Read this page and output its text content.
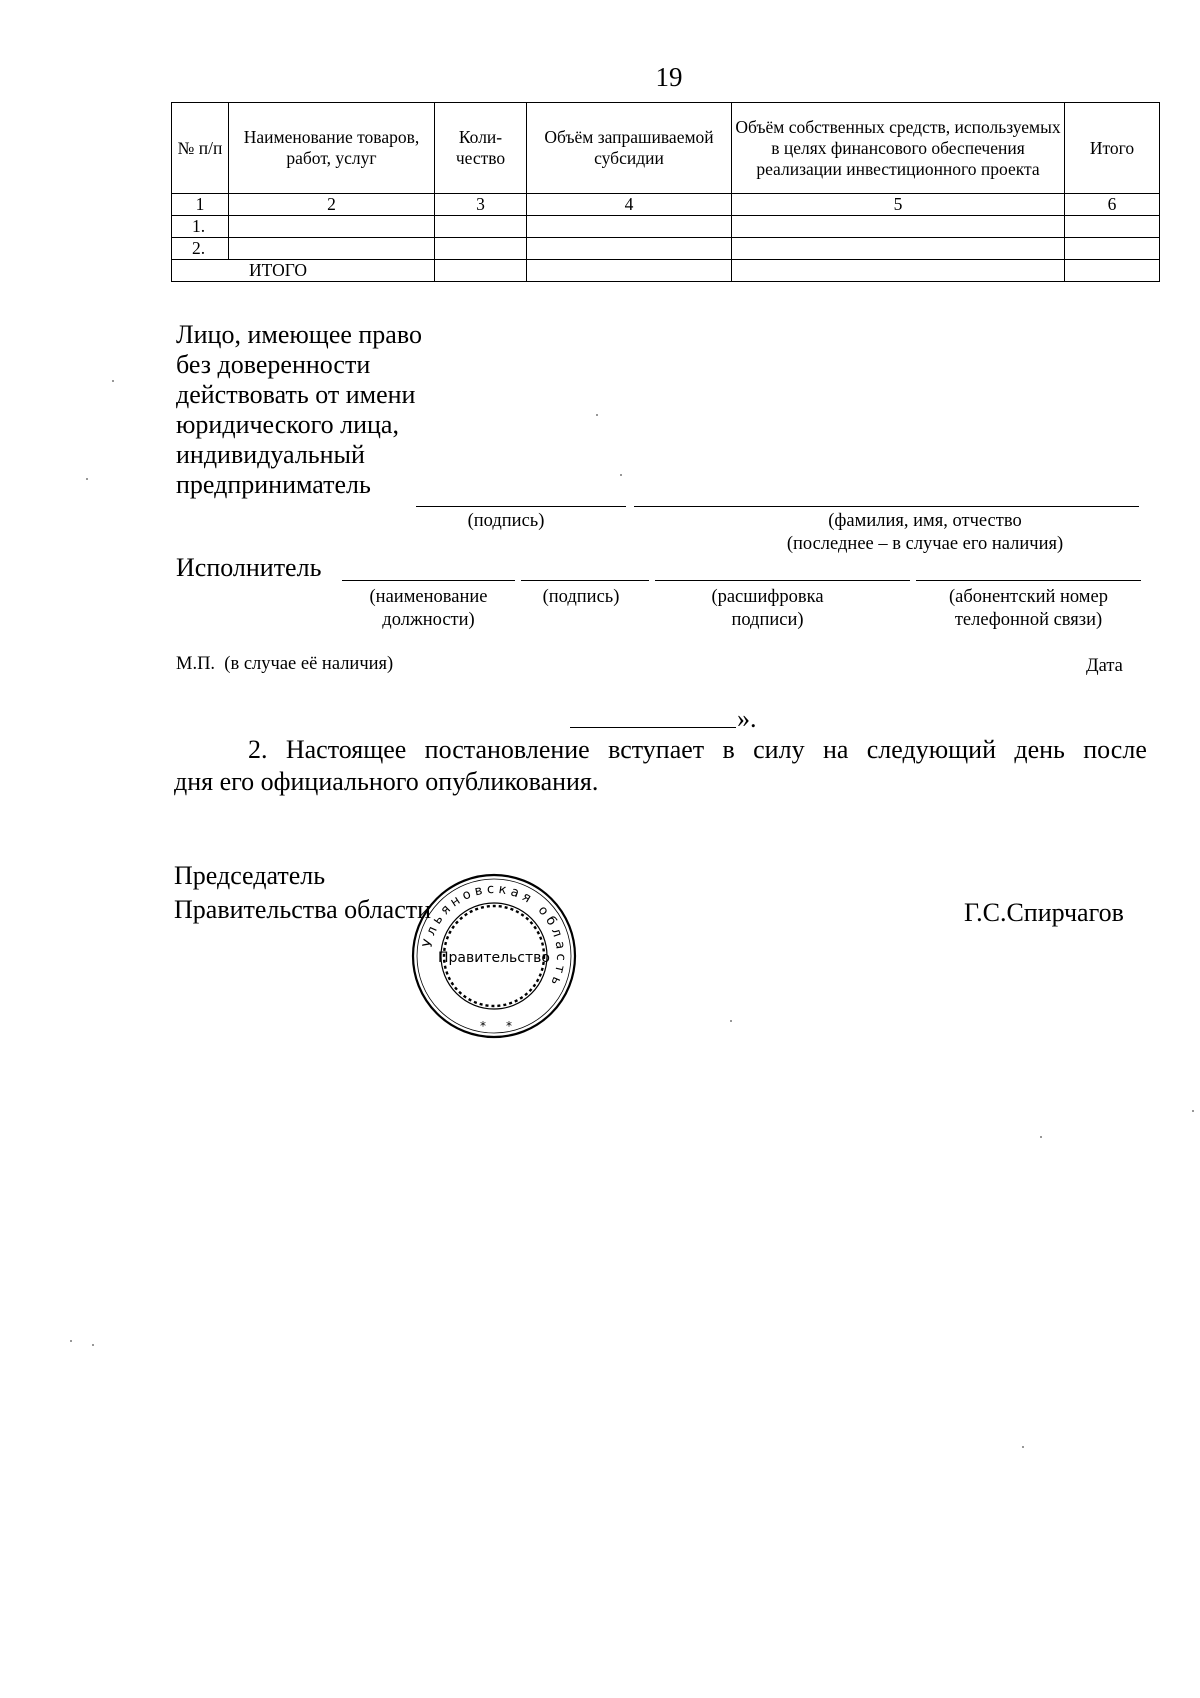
19
№ п/п	Наименование товаров, работ, услуг	Коли-чество	Объём запрашиваемой субсидии	Объём собственных средств, используемых в целях финансового обеспечения реализации инвестиционного проекта	Итого
1	2	3	4	5	6
1.					
2.					
ИТОГО					
Лицо, имеющее право
без доверенности
действовать от имени
юридического лица,
индивидуальный
предприниматель
(подпись)	(фамилия, имя, отчество
(последнее – в случае его наличия)
Исполнитель
(наименование
должности)
(подпись)	(расшифровка
подписи)
(абонентский номер
телефонной связи)
М.П.  (в случае её наличия)	Дата
».
2. Настоящее постановление вступает в силу на следующий день после
дня его официального опубликования.
Председатель
Правительства области	Г.С.Спирчагов
Ульяновская область
Правительство
* *
